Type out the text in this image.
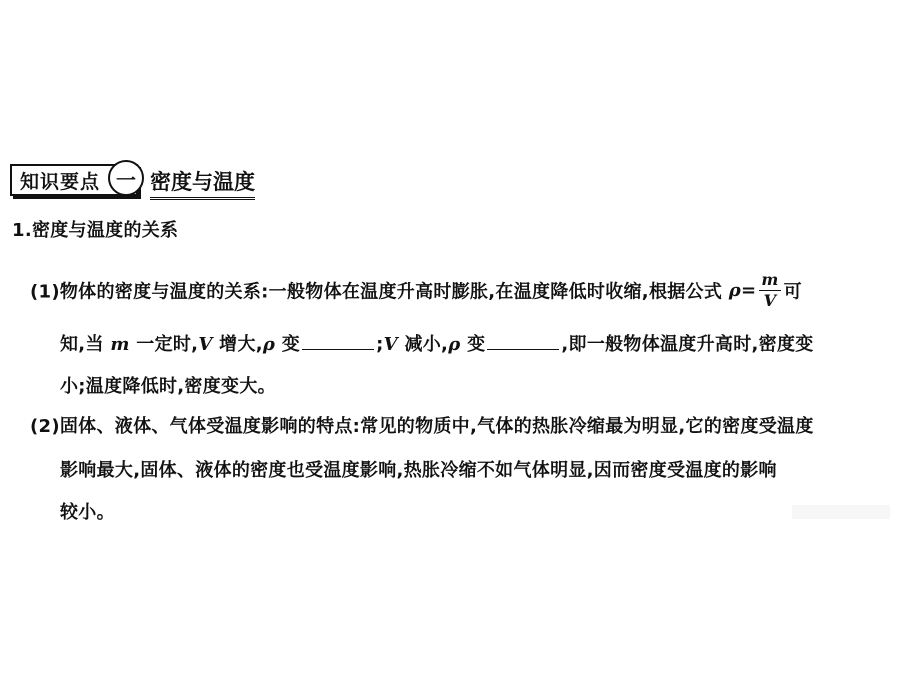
知识要点 一 密度与温度
1.密度与温度的关系
(1)物体的密度与温度的关系:一般物体在温度升高时膨胀,在温度降低时收缩,根据公式 $\rho= \frac{m}{V}$ 可
知,当 m 一定时,V 增大,ρ 变	;V 减小,ρ 变	,即一般物体温度升高时,密度变
小;温度降低时,密度变大。
(2)固体、液体、气体受温度影响的特点:常见的物质中,气体的热胀冷缩最为明显,它的密度受温度
影响最大,固体、液体的密度也受温度影响,热胀冷缩不如气体明显,因而密度受温度的影响
较小。
